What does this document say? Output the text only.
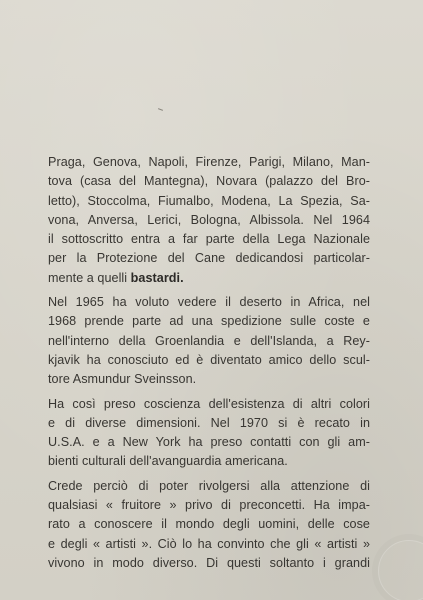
Praga, Genova, Napoli, Firenze, Parigi, Milano, Man-
tova (casa del Mantegna), Novara (palazzo del Bro-
letto), Stoccolma, Fiumalbo, Modena, La Spezia, Sa-
vona, Anversa, Lerici, Bologna, Albissola. Nel 1964
il sottoscritto entra a far parte della Lega Nazionale
per la Protezione del Cane dedicandosi particolar-
mente a quelli bastardi.
Nel 1965 ha voluto vedere il deserto in Africa, nel
1968 prende parte ad una spedizione sulle coste e
nell'interno della Groenlandia e dell'Islanda, a Rey-
kjavik ha conosciuto ed è diventato amico dello scul-
tore Asmundur Sveinsson.
Ha così preso coscienza dell'esistenza di altri colori
e di diverse dimensioni. Nel 1970 si è recato in
U.S.A. e a New York ha preso contatti con gli am-
bienti culturali dell'avanguardia americana.
Crede perciò di poter rivolgersi alla attenzione di
qualsiasi « fruitore » privo di preconcetti. Ha impa-
rato a conoscere il mondo degli uomini, delle cose
e degli « artisti ». Ciò lo ha convinto che gli « artisti »
vivono in modo diverso. Di questi soltanto i grandi
